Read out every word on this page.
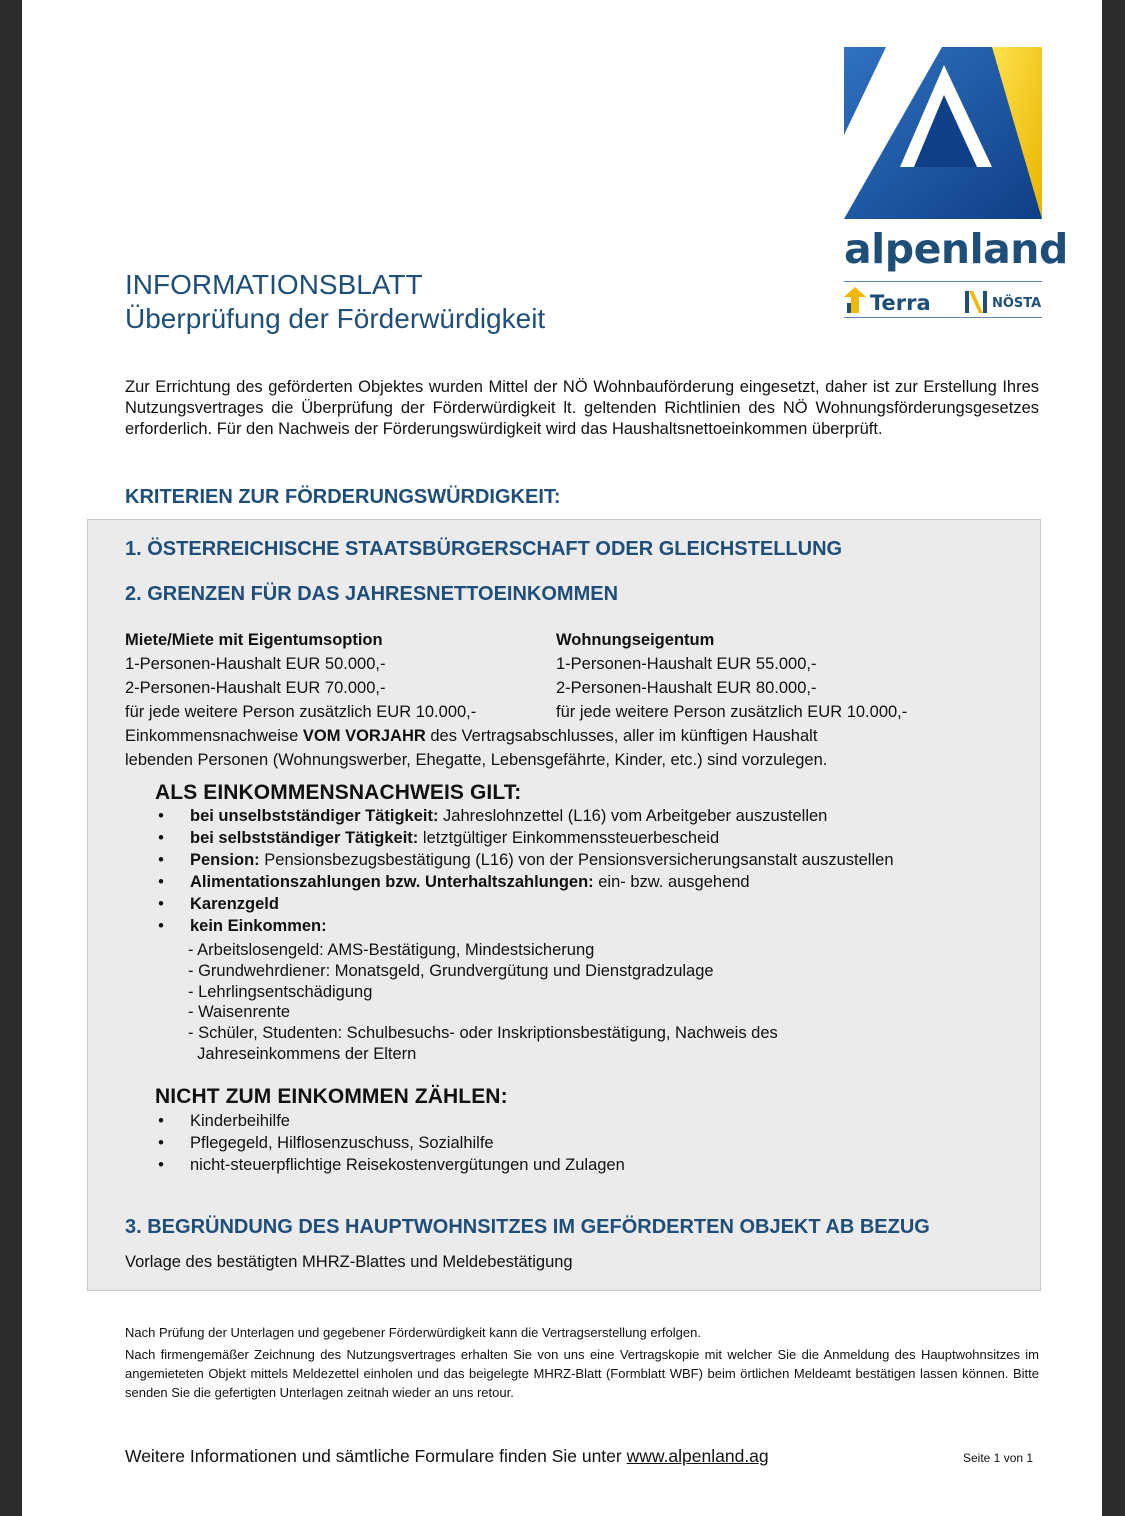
alpenland
Terra	NÖSTA
INFORMATIONSBLATT
Überprüfung der Förderwürdigkeit
Zur Errichtung des geförderten Objektes wurden Mittel der NÖ Wohnbauförderung eingesetzt, daher ist zur Erstellung Ihres Nutzungsvertrages die Überprüfung der Förderwürdigkeit lt. geltenden Richtlinien des NÖ Wohnungsförderungsgesetzes erforderlich. Für den Nachweis der Förderungswürdigkeit wird das Haushaltsnettoeinkommen überprüft.
KRITERIEN ZUR FÖRDERUNGSWÜRDIGKEIT:
1. ÖSTERREICHISCHE STAATSBÜRGERSCHAFT ODER GLEICHSTELLUNG
2. GRENZEN FÜR DAS JAHRESNETTOEINKOMMEN
Miete/Miete mit Eigentumsoption
1-Personen-Haushalt EUR 50.000,-
2-Personen-Haushalt EUR 70.000,-
für jede weitere Person zusätzlich EUR 10.000,-
Wohnungseigentum
1-Personen-Haushalt EUR 55.000,-
2-Personen-Haushalt EUR 80.000,-
für jede weitere Person zusätzlich EUR 10.000,-
Einkommensnachweise VOM VORJAHR des Vertragsabschlusses, aller im künftigen Haushalt
lebenden Personen (Wohnungswerber, Ehegatte, Lebensgefährte, Kinder, etc.) sind vorzulegen.
ALS EINKOMMENSNACHWEIS GILT:
• bei unselbstständiger Tätigkeit: Jahreslohnzettel (L16) vom Arbeitgeber auszustellen
• bei selbstständiger Tätigkeit: letztgültiger Einkommenssteuerbescheid
• Pension: Pensionsbezugsbestätigung (L16) von der Pensionsversicherungsanstalt auszustellen
• Alimentationszahlungen bzw. Unterhaltszahlungen: ein- bzw. ausgehend
• Karenzgeld
• kein Einkommen:
- Arbeitslosengeld: AMS-Bestätigung, Mindestsicherung
- Grundwehrdiener: Monatsgeld, Grundvergütung und Dienstgradzulage
- Lehrlingsentschädigung
- Waisenrente
- Schüler, Studenten: Schulbesuchs- oder Inskriptionsbestätigung, Nachweis des
Jahreseinkommens der Eltern
NICHT ZUM EINKOMMEN ZÄHLEN:
• Kinderbeihilfe
• Pflegegeld, Hilflosenzuschuss, Sozialhilfe
• nicht-steuerpflichtige Reisekostenvergütungen und Zulagen
3. BEGRÜNDUNG DES HAUPTWOHNSITZES IM GEFÖRDERTEN OBJEKT AB BEZUG
Vorlage des bestätigten MHRZ-Blattes und Meldebestätigung
Nach Prüfung der Unterlagen und gegebener Förderwürdigkeit kann die Vertragserstellung erfolgen.
Nach firmengemäßer Zeichnung des Nutzungsvertrages erhalten Sie von uns eine Vertragskopie mit welcher Sie die Anmeldung des Hauptwohnsitzes im angemieteten Objekt mittels Meldezettel einholen und das beigelegte MHRZ-Blatt (Formblatt WBF) beim örtlichen Meldeamt bestätigen lassen können. Bitte senden Sie die gefertigten Unterlagen zeitnah wieder an uns retour.
Weitere Informationen und sämtliche Formulare finden Sie unter www.alpenland.ag	Seite 1 von 1
